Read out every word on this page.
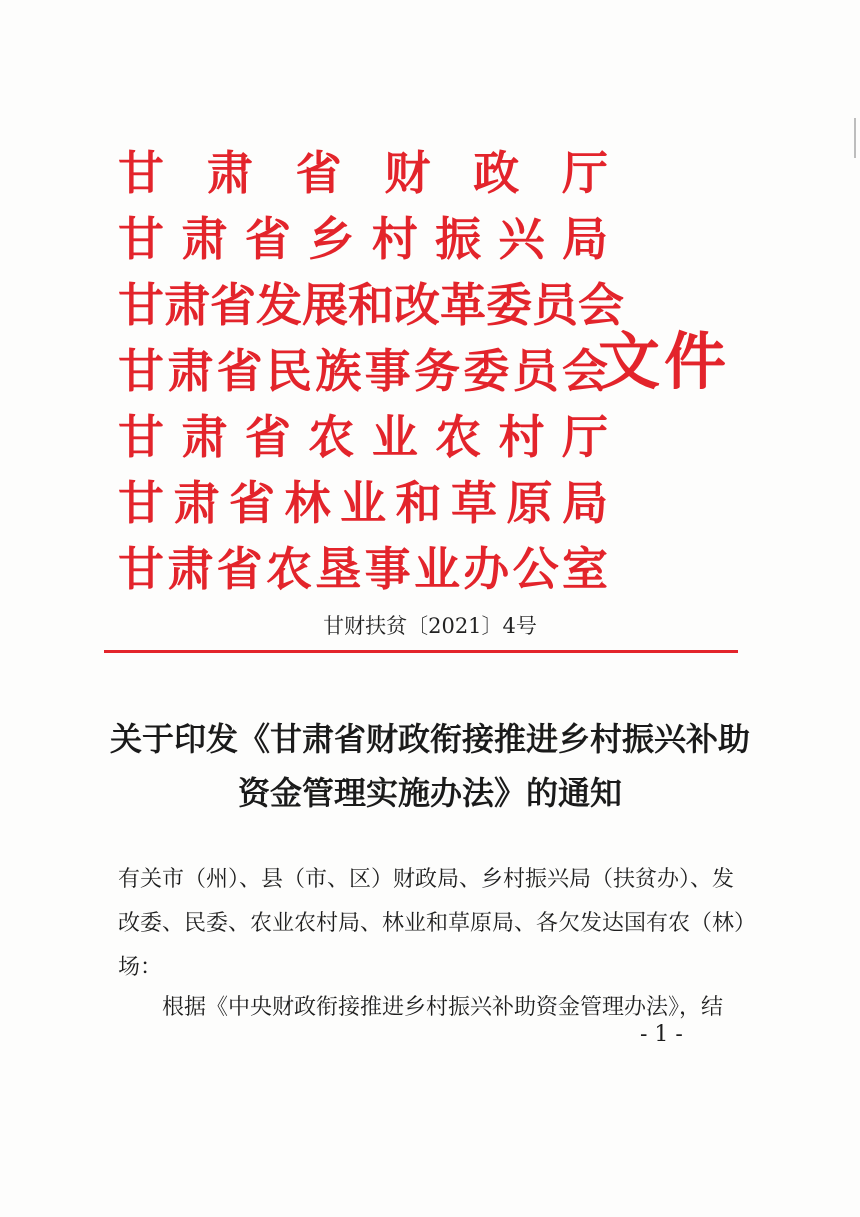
甘 肃 省 财 政 厅
甘 肃 省 乡 村 振 兴 局
甘 肃 省 发 展 和 改 革 委 员 会
甘 肃 省 民 族 事 务 委 员 会
甘 肃 省 农 业 农 村 厅
甘 肃 省 林 业 和 草 原 局
甘 肃 省 农 垦 事 业 办 公 室
文件
甘财扶贫〔2021〕4号
关于印发《甘肃省财政衔接推进乡村振兴补助
资金管理实施办法》的通知
有关市（州）、县（市、区）财政局、乡村振兴局（扶贫办）、发
改委、民委、农业农村局、林业和草原局、各欠发达国有农（林）
场：
根据《中央财政衔接推进乡村振兴补助资金管理办法》，结
- 1 -
